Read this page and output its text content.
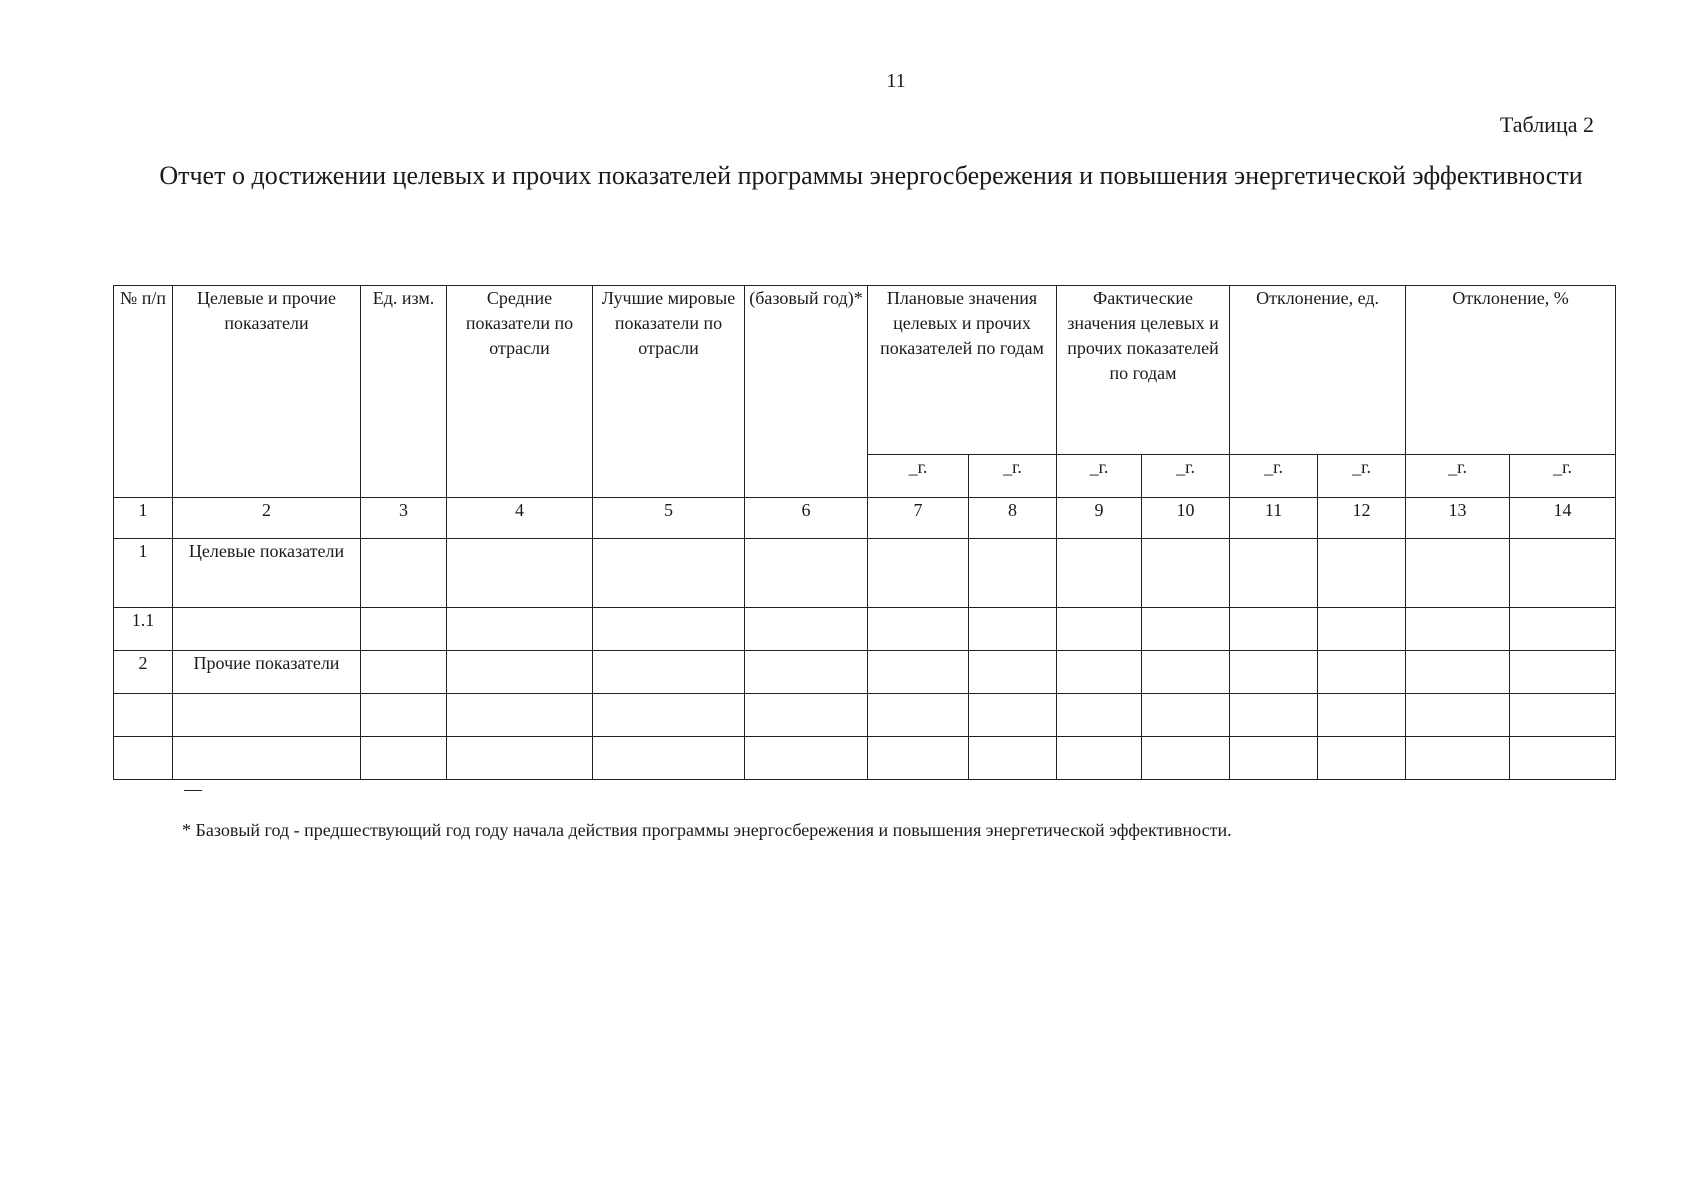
11
Таблица 2
Отчет о достижении целевых и прочих показателей программы энергосбережения и повышения энергетической эффективности
№ п/п	Целевые и прочие показатели	Ед. изм.	Средние показатели по отрасли	Лучшие мировые показатели по отрасли	(базовый год)*	Плановые значения целевых и прочих показателей по годам		Фактические значения целевых и прочих показателей по годам		Отклонение, ед.		Отклонение, %	
						_г.	_г.	_г.	_г.	_г.	_г.	_г.	_г.
1	2	3	4	5	6	7	8	9	10	11	12	13	14
1	Целевые показатели												
1.1													
2	Прочие показатели												

* Базовый год - предшествующий год году начала действия программы энергосбережения и повышения энергетической эффективности.
